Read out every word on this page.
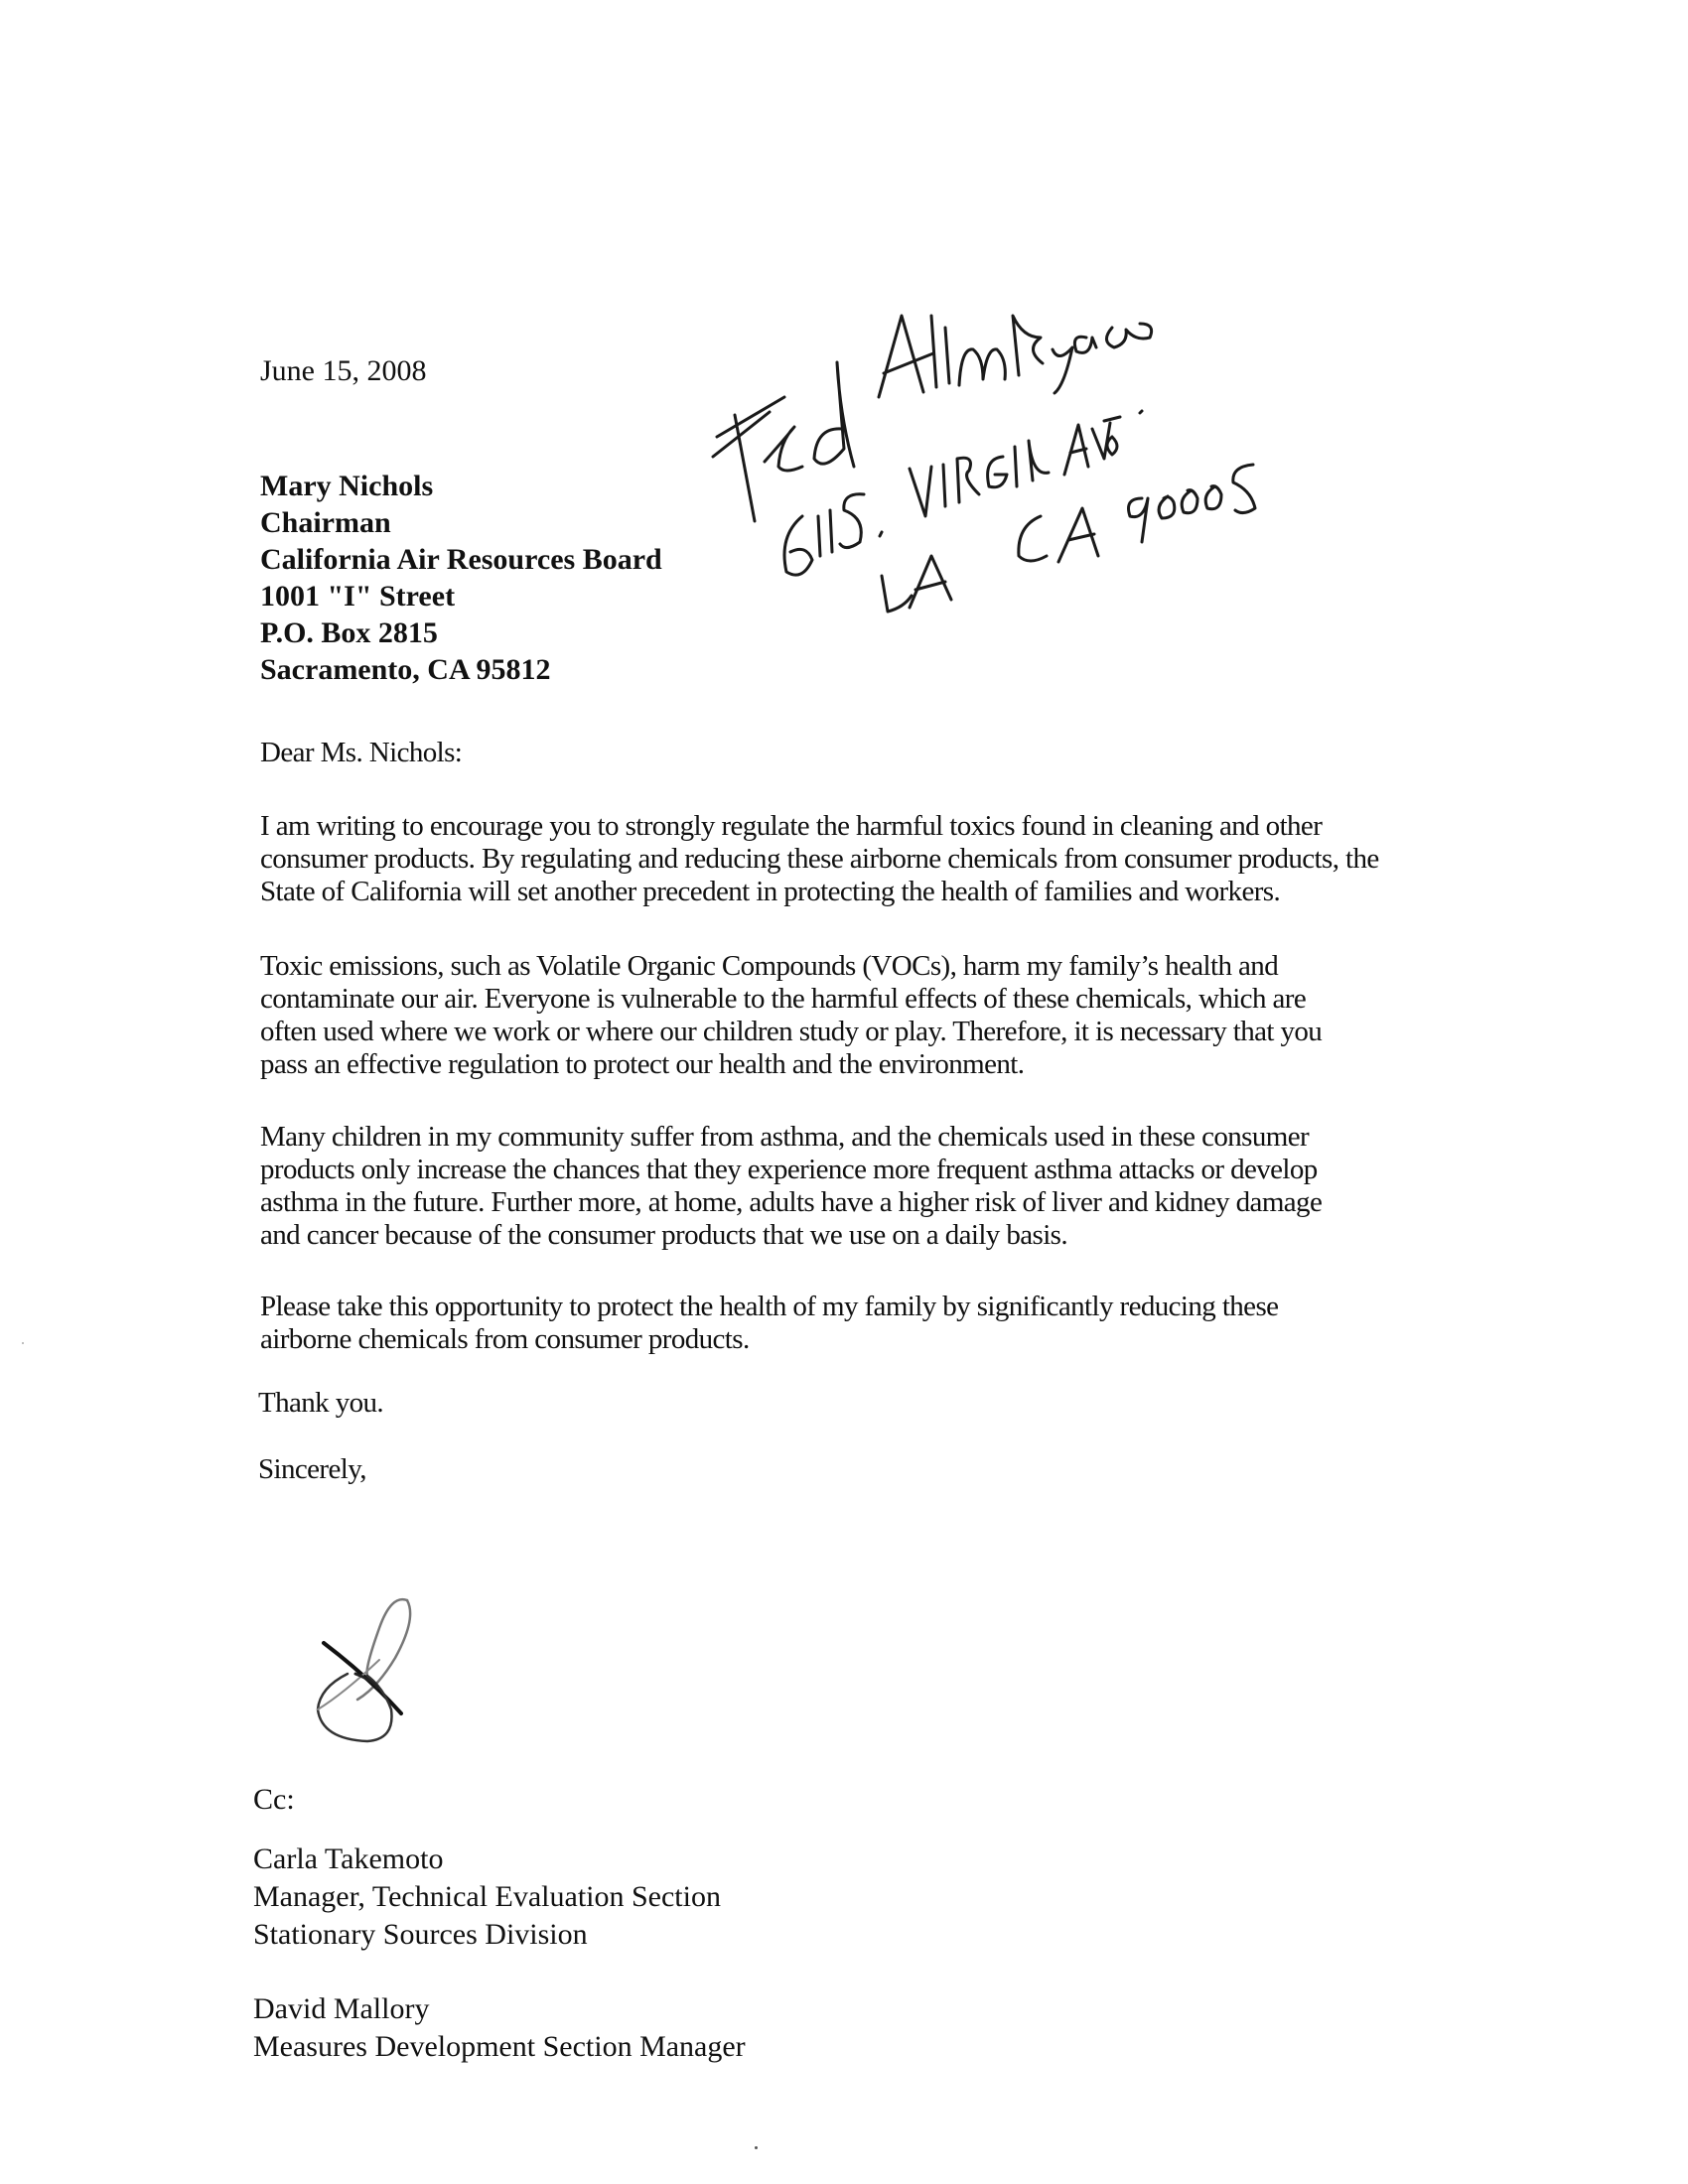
June 15, 2008
Mary Nichols
Chairman
California Air Resources Board
1001 "I" Street
P.O. Box 2815
Sacramento, CA 95812
Dear Ms. Nichols:
I am writing to encourage you to strongly regulate the harmful toxics found in cleaning and other
consumer products. By regulating and reducing these airborne chemicals from consumer products, the
State of California will set another precedent in protecting the health of families and workers.
Toxic emissions, such as Volatile Organic Compounds (VOCs), harm my family’s health and
contaminate our air. Everyone is vulnerable to the harmful effects of these chemicals, which are
often used where we work or where our children study or play. Therefore, it is necessary that you
pass an effective regulation to protect our health and the environment.
Many children in my community suffer from asthma, and the chemicals used in these consumer
products only increase the chances that they experience more frequent asthma attacks or develop
asthma in the future. Further more, at home, adults have a higher risk of liver and kidney damage
and cancer because of the consumer products that we use on a daily basis.
Please take this opportunity to protect the health of my family by significantly reducing these
airborne chemicals from consumer products.
Thank you.
Sincerely,
Cc:
Carla Takemoto
Manager, Technical Evaluation Section
Stationary Sources Division
David Mallory
Measures Development Section Manager
